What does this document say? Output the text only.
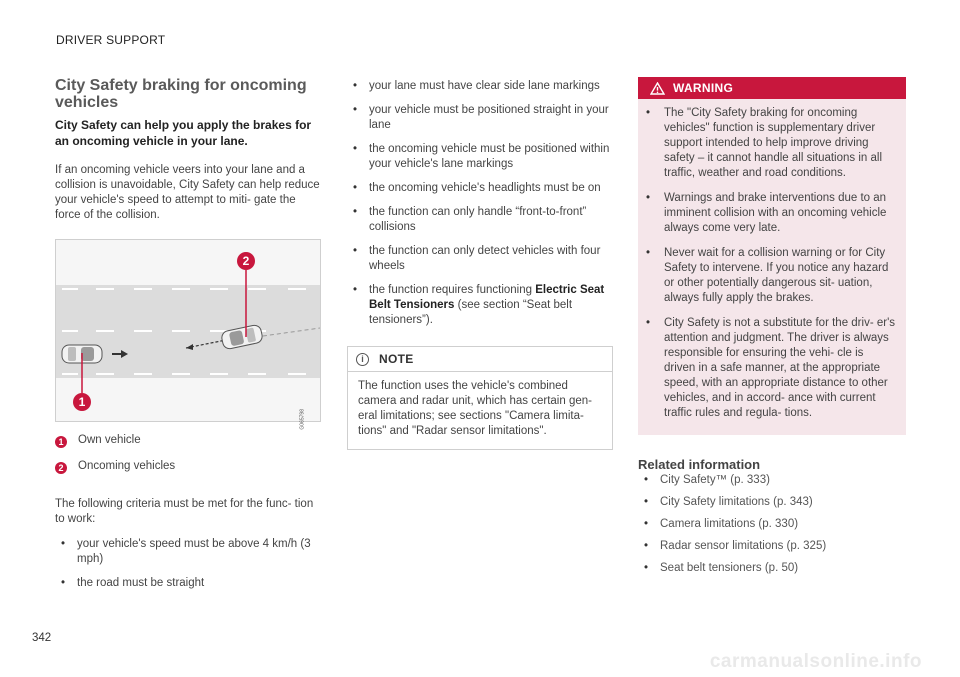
DRIVER SUPPORT
City Safety braking for oncoming vehicles

City Safety can help you apply the brakes for an oncoming vehicle in your lane.

If an oncoming vehicle veers into your lane and a collision is unavoidable, City Safety can help reduce your vehicle's speed to attempt to miti- gate the force of the collision.

1
2
G065798
1	Own vehicle
2	Oncoming vehicles

The following criteria must be met for the func- tion to work:

• your vehicle's speed must be above 4 km/h (3 mph)
• the road must be straight
• your lane must have clear side lane markings
• your vehicle must be positioned straight in your lane
• the oncoming vehicle must be positioned within your vehicle's lane markings
• the oncoming vehicle's headlights must be on
• the function can only handle “front-to-front” collisions
• the function can only detect vehicles with four wheels
• the function requires functioning Electric Seat Belt Tensioners (see section “Seat belt tensioners”).
i	NOTE
The function uses the vehicle's combined camera and radar unit, which has certain gen- eral limitations; see sections "Camera limita- tions" and "Radar sensor limitations".
WARNING
• The "City Safety braking for oncoming vehicles" function is supplementary driver support intended to help improve driving safety – it cannot handle all situations in all traffic, weather and road conditions.
• Warnings and brake interventions due to an imminent collision with an oncoming vehicle always come very late.
• Never wait for a collision warning or for City Safety to intervene. If you notice any hazard or other potentially dangerous sit- uation, always fully apply the brakes.
• City Safety is not a substitute for the driv- er's attention and judgment. The driver is always responsible for ensuring the vehi- cle is driven in a safe manner, at the appropriate speed, with an appropriate distance to other vehicles, and in accord- ance with current traffic rules and regula- tions.
Related information
• City Safety™ (p. 333)
• City Safety limitations (p. 343)
• Camera limitations (p. 330)
• Radar sensor limitations (p. 325)
• Seat belt tensioners (p. 50)
342
carmanualsonline.info
